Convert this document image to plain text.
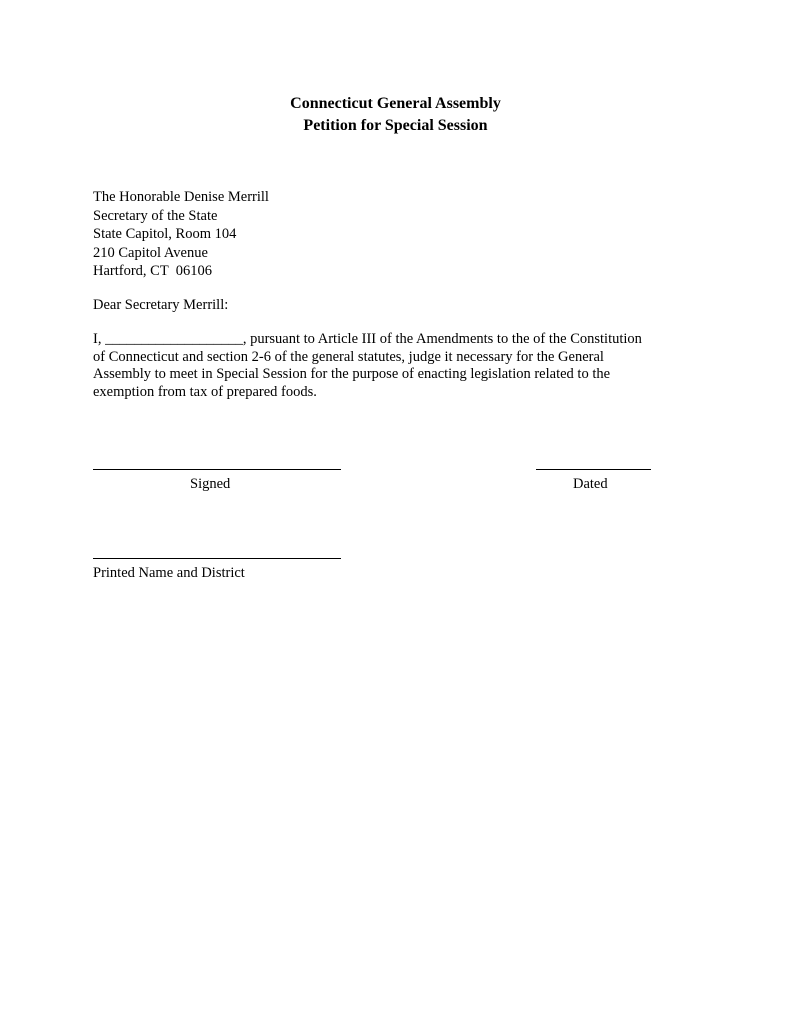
Connecticut General Assembly
Petition for Special Session
The Honorable Denise Merrill
Secretary of the State
State Capitol, Room 104
210 Capitol Avenue
Hartford, CT  06106
Dear Secretary Merrill:
I, ___________________, pursuant to Article III of the Amendments to the of the Constitution
of Connecticut and section 2-6 of the general statutes, judge it necessary for the General
Assembly to meet in Special Session for the purpose of enacting legislation related to the
exemption from tax of prepared foods.
Signed	Dated
Printed Name and District
